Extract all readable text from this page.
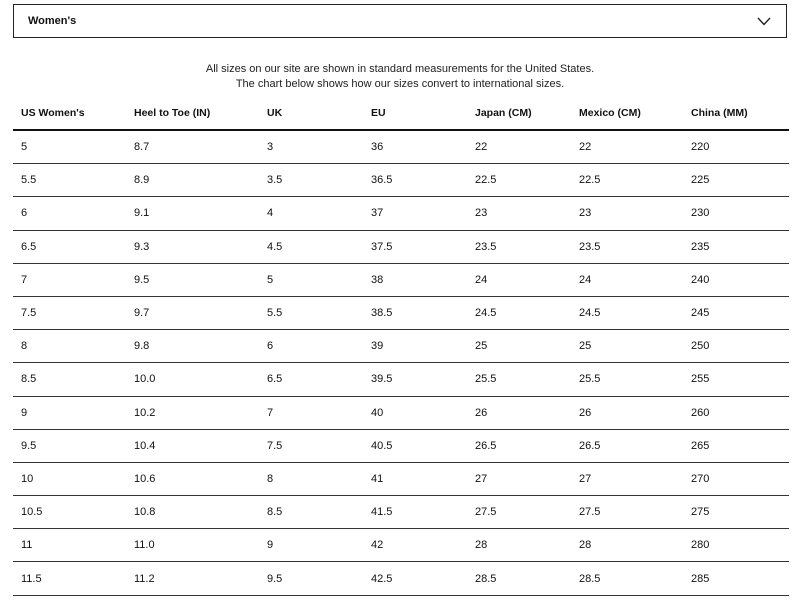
Women's
All sizes on our site are shown in standard measurements for the United States.
The chart below shows how our sizes convert to international sizes.
US Women's	Heel to Toe (IN)	UK	EU	Japan (CM)	Mexico (CM)	China (MM)
5	8.7	3	36	22	22	220
5.5	8.9	3.5	36.5	22.5	22.5	225
6	9.1	4	37	23	23	230
6.5	9.3	4.5	37.5	23.5	23.5	235
7	9.5	5	38	24	24	240
7.5	9.7	5.5	38.5	24.5	24.5	245
8	9.8	6	39	25	25	250
8.5	10.0	6.5	39.5	25.5	25.5	255
9	10.2	7	40	26	26	260
9.5	10.4	7.5	40.5	26.5	26.5	265
10	10.6	8	41	27	27	270
10.5	10.8	8.5	41.5	27.5	27.5	275
11	11.0	9	42	28	28	280
11.5	11.2	9.5	42.5	28.5	28.5	285
